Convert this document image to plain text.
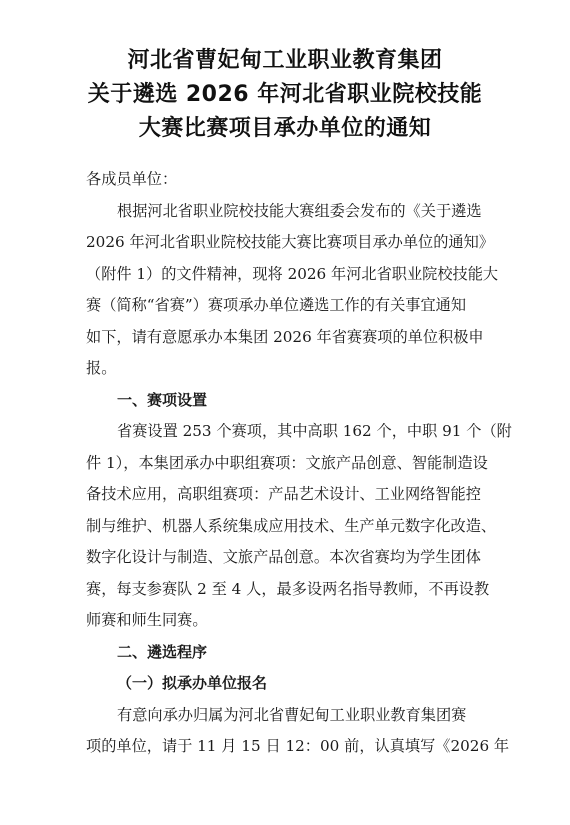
河北省曹妃甸工业职业教育集团
关于遴选 2026 年河北省职业院校技能
大赛比赛项目承办单位的通知
各成员单位：
根据河北省职业院校技能大赛组委会发布的《关于遴选
2026 年河北省职业院校技能大赛比赛项目承办单位的通知》
（附件 1）的文件精神，现将 2026 年河北省职业院校技能大
赛（简称“省赛”）赛项承办单位遴选工作的有关事宜通知
如下，请有意愿承办本集团 2026 年省赛赛项的单位积极申
报。
一、赛项设置
省赛设置 253 个赛项，其中高职 162 个，中职 91 个（附
件 1），本集团承办中职组赛项：文旅产品创意、智能制造设
备技术应用，高职组赛项：产品艺术设计、工业网络智能控
制与维护、机器人系统集成应用技术、生产单元数字化改造、
数字化设计与制造、文旅产品创意。本次省赛均为学生团体
赛，每支参赛队 2 至 4 人，最多设两名指导教师，不再设教
师赛和师生同赛。
二、遴选程序
（一）拟承办单位报名
有意向承办归属为河北省曹妃甸工业职业教育集团赛
项的单位，请于 11 月 15 日 12：00 前，认真填写《2026 年
